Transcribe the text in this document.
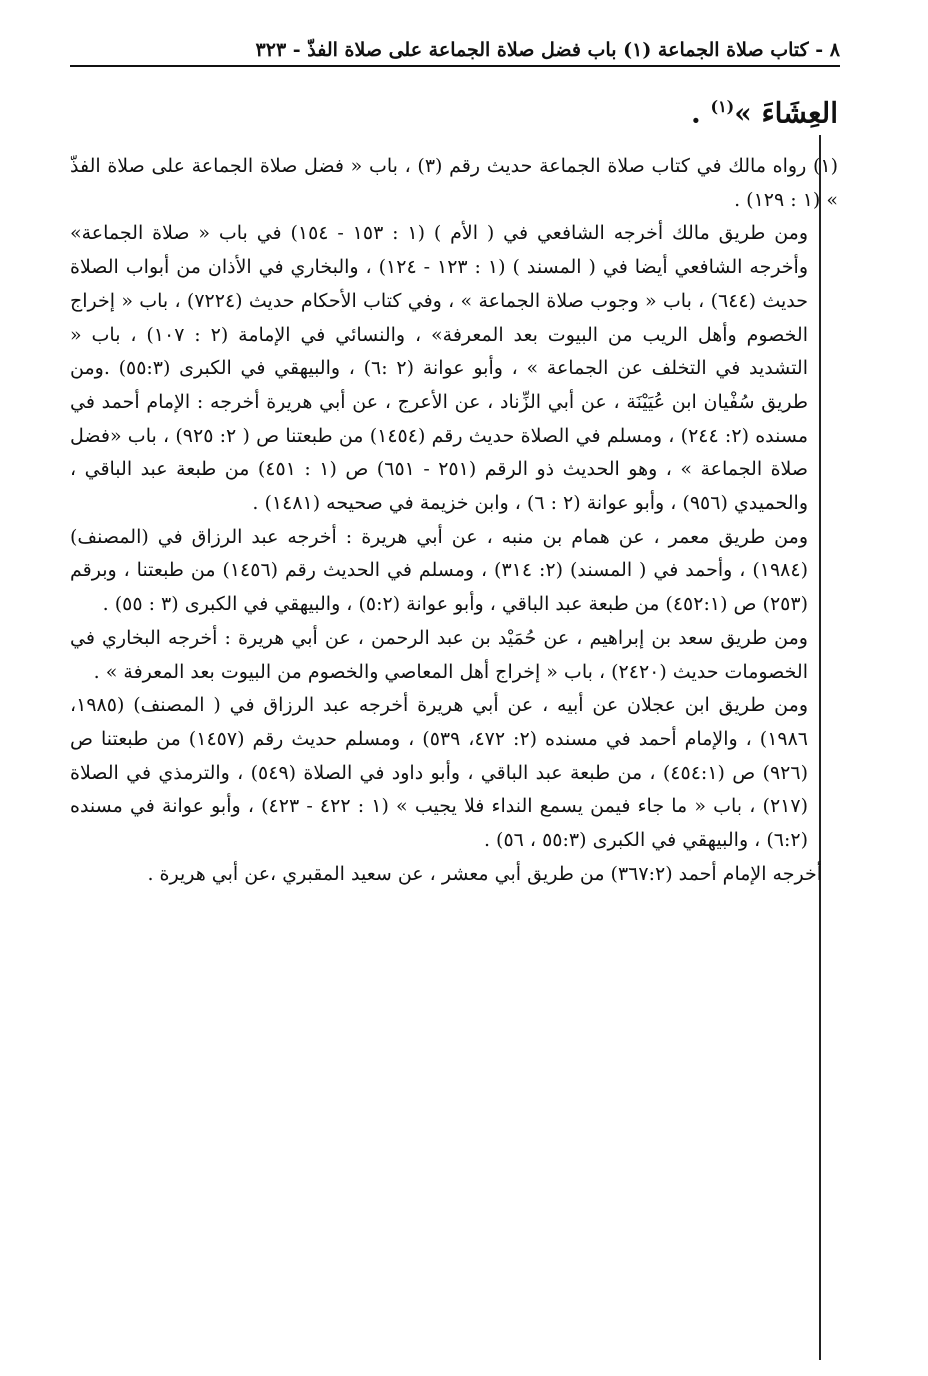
٨ - كتاب صلاة الجماعة (١) باب فضل صلاة الجماعة على صلاة الفذّ - ٣٢٣
العِشَاءَ »$^{(١)}$ .

(١) رواه مالك في كتاب صلاة الجماعة حديث رقم (٣) ، باب « فضل صلاة الجماعة على صلاة الفذّ » (١ : ١٢٩) .

ومن طريق مالك أخرجه الشافعي في ( الأم ) (١ : ١٥٣ - ١٥٤) في باب « صلاة الجماعة» وأخرجه الشافعي أيضا في ( المسند ) (١ : ١٢٣ - ١٢٤) ، والبخاري في الأذان من أبواب الصلاة حديث (٦٤٤) ، باب « وجوب صلاة الجماعة » ، وفي كتاب الأحكام حديث (٧٢٢٤) ، باب « إخراج الخصوم وأهل الريب من البيوت بعد المعرفة» ، والنسائي في الإمامة (٢ : ١٠٧) ، باب « التشديد في التخلف عن الجماعة » ، وأبو عوانة (٢ :٦) ، والبيهقي في الكبرى (٥٥:٣) .ومن طريق سُفْيان ابن عُيَيْنَة ، عن أبي الزِّناد ، عن الأعرج ، عن أبي هريرة أخرجه : الإمام أحمد في مسنده (٢: ٢٤٤) ، ومسلم في الصلاة حديث رقم (١٤٥٤) من طبعتنا ص ( ٢: ٩٢٥) ، باب «فضل صلاة الجماعة » ، وهو الحديث ذو الرقم (٢٥١ - ٦٥١) ص (١ : ٤٥١) من طبعة عبد الباقي ، والحميدي (٩٥٦) ، وأبو عوانة (٢ : ٦) ، وابن خزيمة في صحيحه (١٤٨١) .

ومن طريق معمر ، عن همام بن منبه ، عن أبي هريرة : أخرجه عبد الرزاق في (المصنف) (١٩٨٤) ، وأحمد في ( المسند) (٢: ٣١٤) ، ومسلم في الحديث رقم (١٤٥٦) من طبعتنا ، وبرقم (٢٥٣) ص (٤٥٢:١) من طبعة عبد الباقي ، وأبو عوانة (٥:٢) ، والبيهقي في الكبرى (٣ : ٥٥) .

ومن طريق سعد بن إبراهيم ، عن حُمَيْد بن عبد الرحمن ، عن أبي هريرة : أخرجه البخاري في الخصومات حديث (٢٤٢٠) ، باب « إخراج أهل المعاصي والخصوم من البيوت بعد المعرفة » .

ومن طريق ابن عجلان عن أبيه ، عن أبي هريرة أخرجه عبد الرزاق في ( المصنف) (١٩٨٥، ١٩٨٦) ، والإمام أحمد في مسنده (٢: ٤٧٢، ٥٣٩) ، ومسلم حديث رقم (١٤٥٧) من طبعتنا ص (٩٢٦) ص (٤٥٤:١) ، من طبعة عبد الباقي ، وأبو داود في الصلاة (٥٤٩) ، والترمذي في الصلاة (٢١٧) ، باب « ما جاء فيمن يسمع النداء فلا يجيب » (١ : ٤٢٢ - ٤٢٣) ، وأبو عوانة في مسنده (٦:٢) ، والبيهقي في الكبرى (٥٥:٣ ، ٥٦) .

أخرجه الإمام أحمد (٣٦٧:٢) من طريق أبي معشر ، عن سعيد المقبري ،عن أبي هريرة .
